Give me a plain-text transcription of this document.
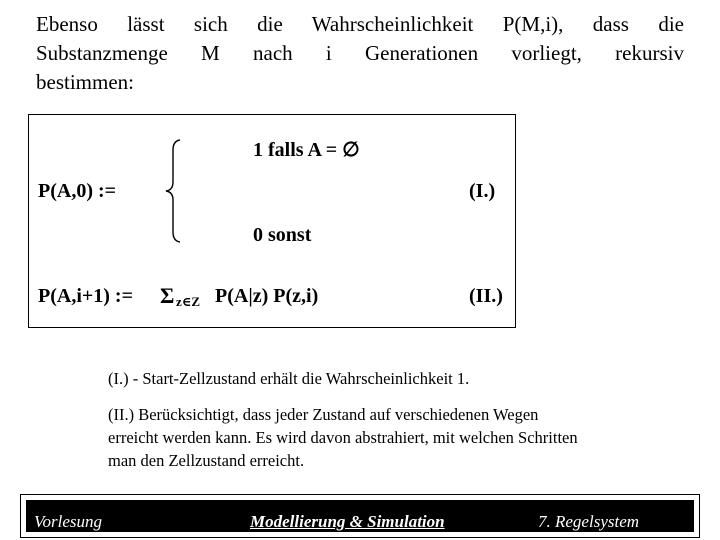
Ebenso lässt sich die Wahrscheinlichkeit P(M,i), dass die
Substanzmenge M nach i Generationen vorliegt, rekursiv
bestimmen:
1 falls A = ∅
P(A,0) :=	(I.)
0 sonst
P(A,i+1) := Σ z∈Z P(A|z) P(z,i)	(II.)
(I.) - Start-Zellzustand erhält die Wahrscheinlichkeit 1.
(II.) Berücksichtigt, dass jeder Zustand auf verschiedenen Wegen
erreicht werden kann. Es wird davon abstrahiert, mit welchen Schritten
man den Zellzustand erreicht.
Vorlesung	Modellierung & Simulation	7. Regelsystem
